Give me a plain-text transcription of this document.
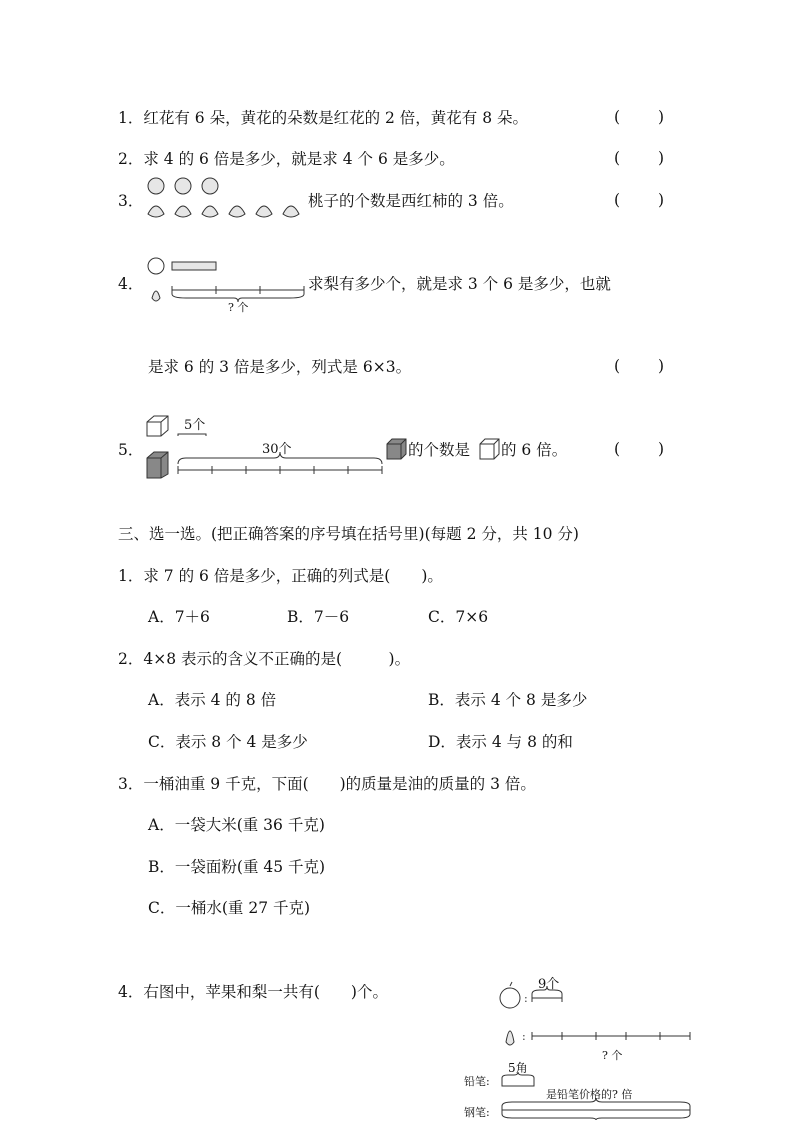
1．红花有 6 朵，黄花的朵数是红花的 2 倍，黄花有 8 朵。	( )
2．求 4 的 6 倍是多少，就是求 4 个 6 是多少。	( )
3．	桃子的个数是西红柿的 3 倍。	( )
4．
? 个
求梨有多少个，就是求 3 个 6 是多少，也就
是求 6 的 3 倍是多少，列式是 6×3。	( )
5．
5个
30个	的个数是 的 6 倍。	( )
三、选一选。(把正确答案的序号填在括号里)(每题 2 分，共 10 分)
1．求 7 的 6 倍是多少，正确的列式是(　　)。
A．7＋6	B．7－6	C．7×6
2．4×8 表示的含义不正确的是(　　　)。
A．表示 4 的 8 倍	B．表示 4 个 8 是多少
C．表示 8 个 4 是多少	D．表示 4 与 8 的和
3．一桶油重 9 千克，下面(　　)的质量是油的质量的 3 倍。
A．一袋大米(重 36 千克)
B．一袋面粉(重 45 千克)
C．一桶水(重 27 千克)
4．右图中，苹果和梨一共有(　　)个。	:
:
9个
? 个
铅笔:
5角
是铅笔价格的? 倍
钢笔:
